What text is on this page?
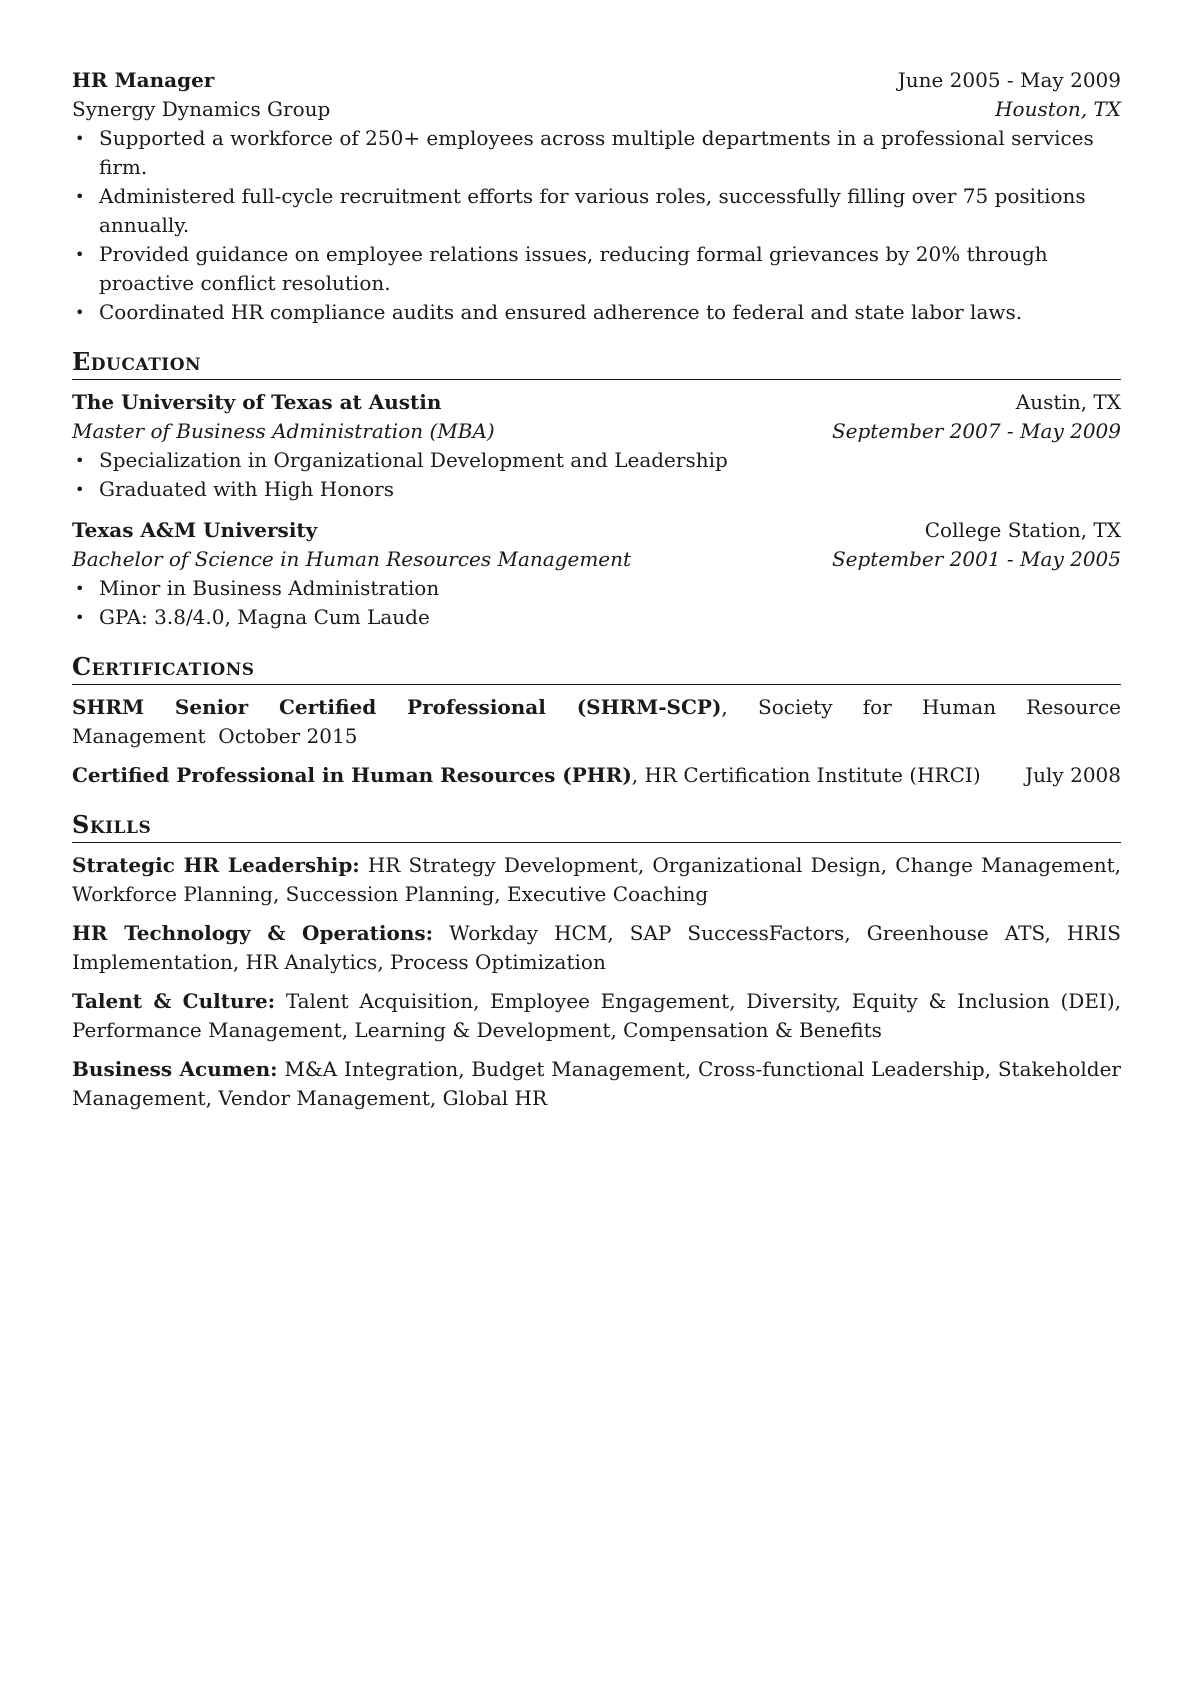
HR Manager	June 2005 - May 2009
Synergy Dynamics Group	Houston, TX
• Supported a workforce of 250+ employees across multiple departments in a professional services firm.
• Administered full-cycle recruitment efforts for various roles, successfully filling over 75 positions annually.
• Provided guidance on employee relations issues, reducing formal grievances by 20% through proactive conflict resolution.
• Coordinated HR compliance audits and ensured adherence to federal and state labor laws.
Education
The University of Texas at Austin	Austin, TX
Master of Business Administration (MBA)	September 2007 - May 2009
• Specialization in Organizational Development and Leadership
• Graduated with High Honors
Texas A&M University	College Station, TX
Bachelor of Science in Human Resources Management	September 2001 - May 2005
• Minor in Business Administration
• GPA: 3.8/4.0, Magna Cum Laude
Certifications
SHRM Senior Certified Professional (SHRM-SCP), Society for Human Resource Management October 2015
Certified Professional in Human Resources (PHR), HR Certification Institute (HRCI) July 2008
Skills
Strategic HR Leadership: HR Strategy Development, Organizational Design, Change Management, Workforce Planning, Succession Planning, Executive Coaching
HR Technology & Operations: Workday HCM, SAP SuccessFactors, Greenhouse ATS, HRIS Implementation, HR Analytics, Process Optimization
Talent & Culture: Talent Acquisition, Employee Engagement, Diversity, Equity & Inclusion (DEI), Performance Management, Learning & Development, Compensation & Benefits
Business Acumen: M&A Integration, Budget Management, Cross-functional Leadership, Stakeholder Management, Vendor Management, Global HR
